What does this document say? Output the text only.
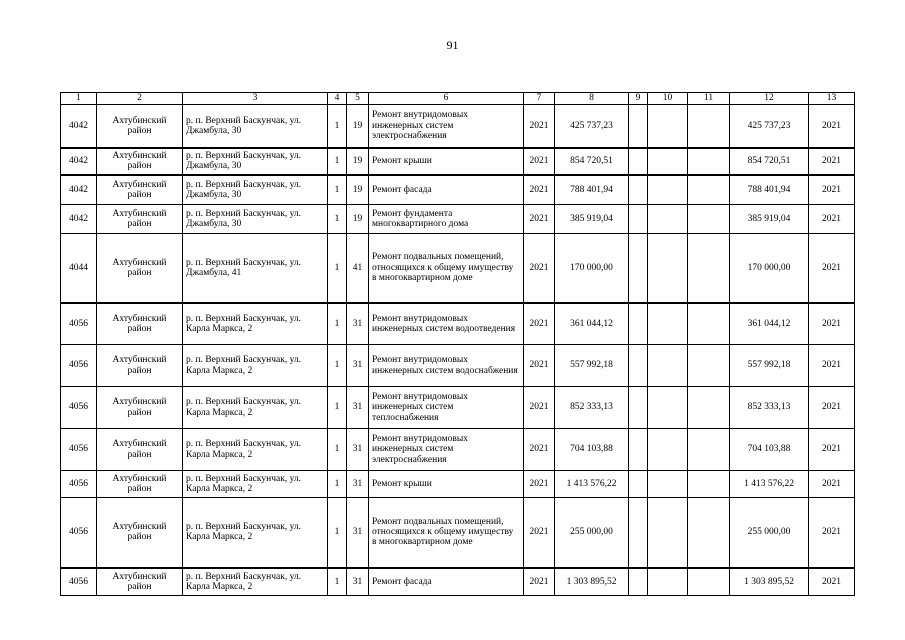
91
1	2	3	4	5	6	7	8	9	10	11	12	13
4042	Ахтубинский район	р. п. Верхний Баскунчак, ул. Джамбула, 30	1	19	Ремонт внутридомовых инженерных систем электроснабжения	2021	425 737,23				425 737,23	2021
4042	Ахтубинский район	р. п. Верхний Баскунчак, ул. Джамбула, 30	1	19	Ремонт крыши	2021	854 720,51				854 720,51	2021
4042	Ахтубинский район	р. п. Верхний Баскунчак, ул. Джамбула, 30	1	19	Ремонт фасада	2021	788 401,94				788 401,94	2021
4042	Ахтубинский район	р. п. Верхний Баскунчак, ул. Джамбула, 30	1	19	Ремонт фундамента многоквартирного дома	2021	385 919,04				385 919,04	2021
4044	Ахтубинский район	р. п. Верхний Баскунчак, ул. Джамбула, 41	1	41	Ремонт подвальных помещений, относящихся к общему имуществу в многоквартирном доме	2021	170 000,00				170 000,00	2021
4056	Ахтубинский район	р. п. Верхний Баскунчак, ул. Карла Маркса, 2	1	31	Ремонт внутридомовых инженерных систем водоотведения	2021	361 044,12				361 044,12	2021
4056	Ахтубинский район	р. п. Верхний Баскунчак, ул. Карла Маркса, 2	1	31	Ремонт внутридомовых инженерных систем водоснабжения	2021	557 992,18				557 992,18	2021
4056	Ахтубинский район	р. п. Верхний Баскунчак, ул. Карла Маркса, 2	1	31	Ремонт внутридомовых инженерных систем теплоснабжения	2021	852 333,13				852 333,13	2021
4056	Ахтубинский район	р. п. Верхний Баскунчак, ул. Карла Маркса, 2	1	31	Ремонт внутридомовых инженерных систем электроснабжения	2021	704 103,88				704 103,88	2021
4056	Ахтубинский район	р. п. Верхний Баскунчак, ул. Карла Маркса, 2	1	31	Ремонт крыши	2021	1 413 576,22				1 413 576,22	2021
4056	Ахтубинский район	р. п. Верхний Баскунчак, ул. Карла Маркса, 2	1	31	Ремонт подвальных помещений, относящихся к общему имуществу в многоквартирном доме	2021	255 000,00				255 000,00	2021
4056	Ахтубинский район	р. п. Верхний Баскунчак, ул. Карла Маркса, 2	1	31	Ремонт фасада	2021	1 303 895,52				1 303 895,52	2021
